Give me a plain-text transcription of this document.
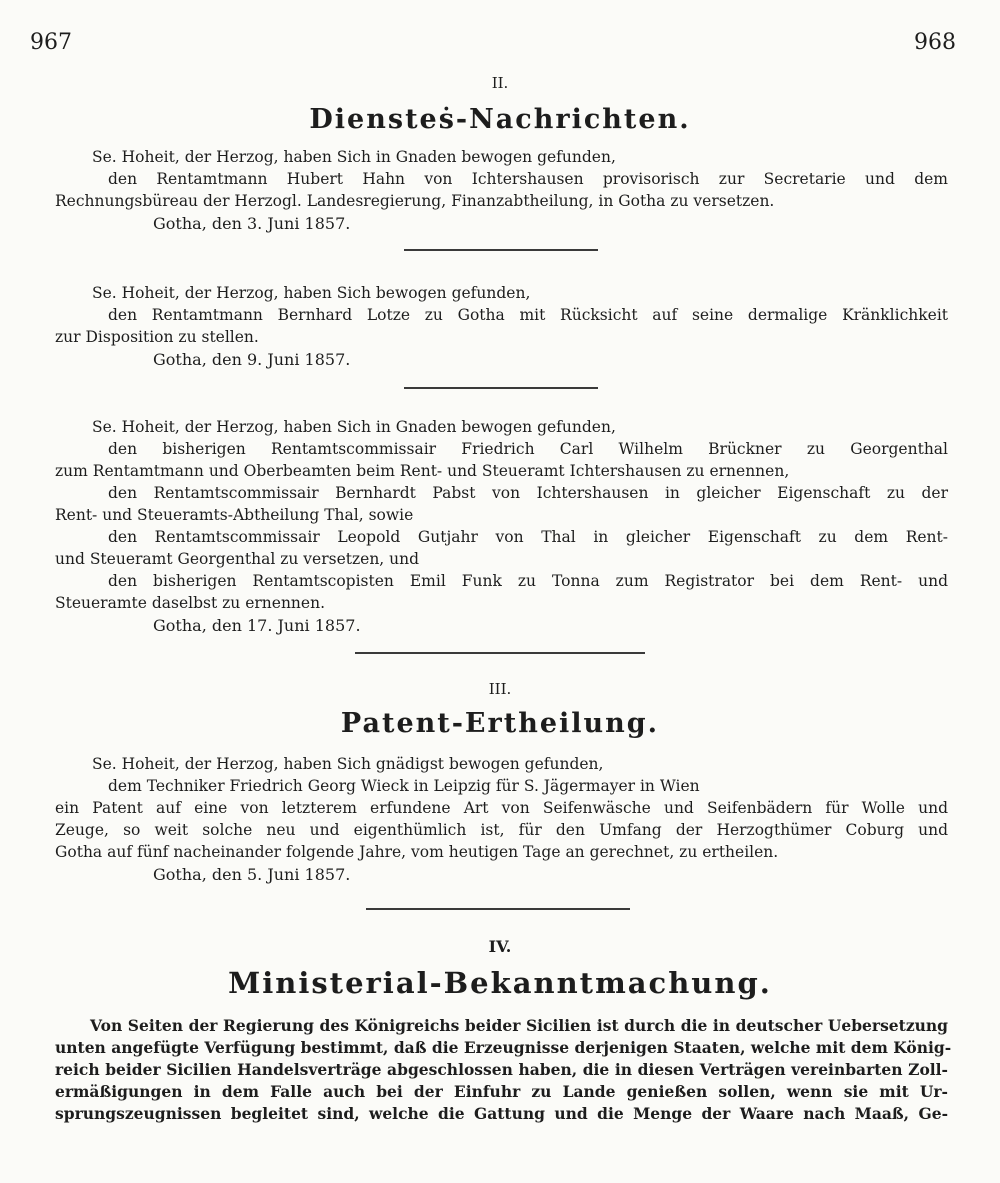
967	968
II.
Diensteṡ-Nachrichten.
Se. Hoheit, der Herzog, haben Sich in Gnaden bewogen gefunden,
den Rentamtmann Hubert Hahn von Ichtershausen provisorisch zur Secretarie und dem
Rechnungsbüreau der Herzogl. Landesregierung, Finanzabtheilung, in Gotha zu versetzen.
Gotha, den 3. Juni 1857.
Se. Hoheit, der Herzog, haben Sich bewogen gefunden,
den Rentamtmann Bernhard Lotze zu Gotha mit Rücksicht auf seine dermalige Kränklichkeit
zur Disposition zu stellen.
Gotha, den 9. Juni 1857.
Se. Hoheit, der Herzog, haben Sich in Gnaden bewogen gefunden,
den bisherigen Rentamtscommissair Friedrich Carl Wilhelm Brückner zu Georgenthal
zum Rentamtmann und Oberbeamten beim Rent- und Steueramt Ichtershausen zu ernennen,
den Rentamtscommissair Bernhardt Pabst von Ichtershausen in gleicher Eigenschaft zu der
Rent- und Steueramts-Abtheilung Thal, sowie
den Rentamtscommissair Leopold Gutjahr von Thal in gleicher Eigenschaft zu dem Rent-
und Steueramt Georgenthal zu versetzen, und
den bisherigen Rentamtscopisten Emil Funk zu Tonna zum Registrator bei dem Rent- und
Steueramte daselbst zu ernennen.
Gotha, den 17. Juni 1857.
III.
Patent-Ertheilung.
Se. Hoheit, der Herzog, haben Sich gnädigst bewogen gefunden,
dem Techniker Friedrich Georg Wieck in Leipzig für S. Jägermayer in Wien
ein Patent auf eine von letzterem erfundene Art von Seifenwäsche und Seifenbädern für Wolle und
Zeuge, so weit solche neu und eigenthümlich ist, für den Umfang der Herzogthümer Coburg und
Gotha auf fünf nacheinander folgende Jahre, vom heutigen Tage an gerechnet, zu ertheilen.
Gotha, den 5. Juni 1857.
IV.
Ministerial-Bekanntmachung.
Von Seiten der Regierung des Königreichs beider Sicilien ist durch die in deutscher Uebersetzung
unten angefügte Verfügung bestimmt, daß die Erzeugnisse derjenigen Staaten, welche mit dem König-
reich beider Sicilien Handelsverträge abgeschlossen haben, die in diesen Verträgen vereinbarten Zoll-
ermäßigungen in dem Falle auch bei der Einfuhr zu Lande genießen sollen, wenn sie mit Ur-
sprungszeugnissen begleitet sind, welche die Gattung und die Menge der Waare nach Maaß, Ge-
